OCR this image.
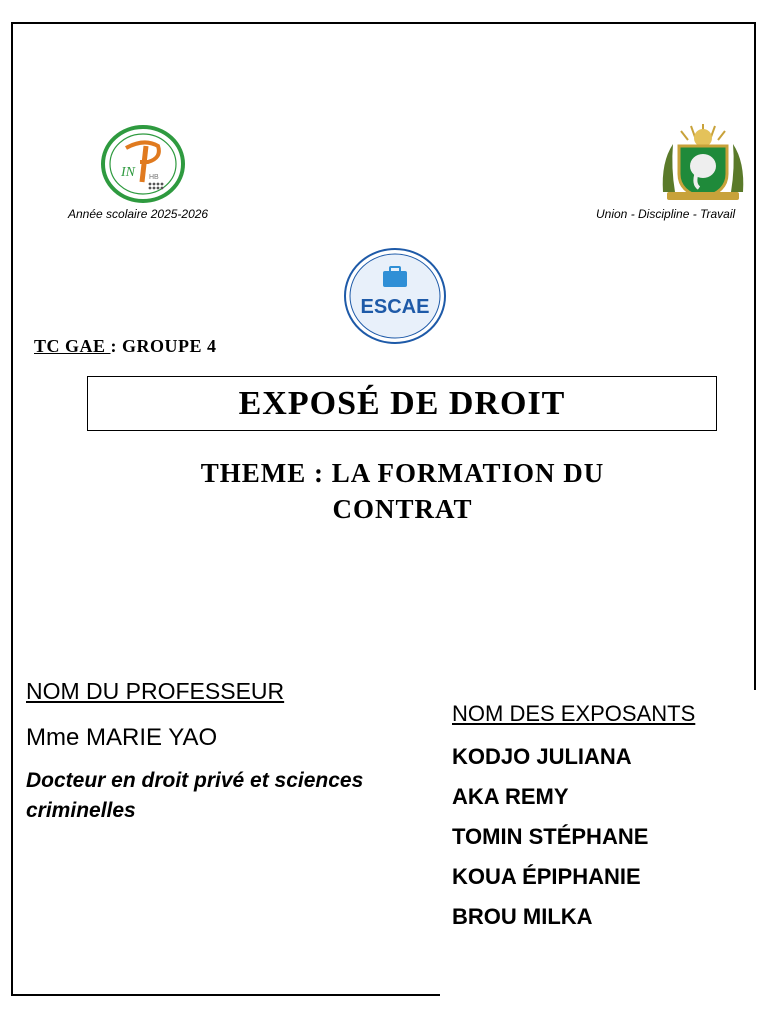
IN HB
Année scolaire 2025-2026	Union - Discipline - Travail
ESCAE
TC GAE : GROUPE 4
EXPOSÉ DE DROIT
THEME : LA FORMATION DU CONTRAT
NOM DU PROFESSEUR
Mme MARIE YAO
Docteur en droit privé et sciences criminelles
NOM DES EXPOSANTS
KODJO JULIANA
AKA REMY
TOMIN STÉPHANE
KOUA ÉPIPHANIE
BROU MILKA
